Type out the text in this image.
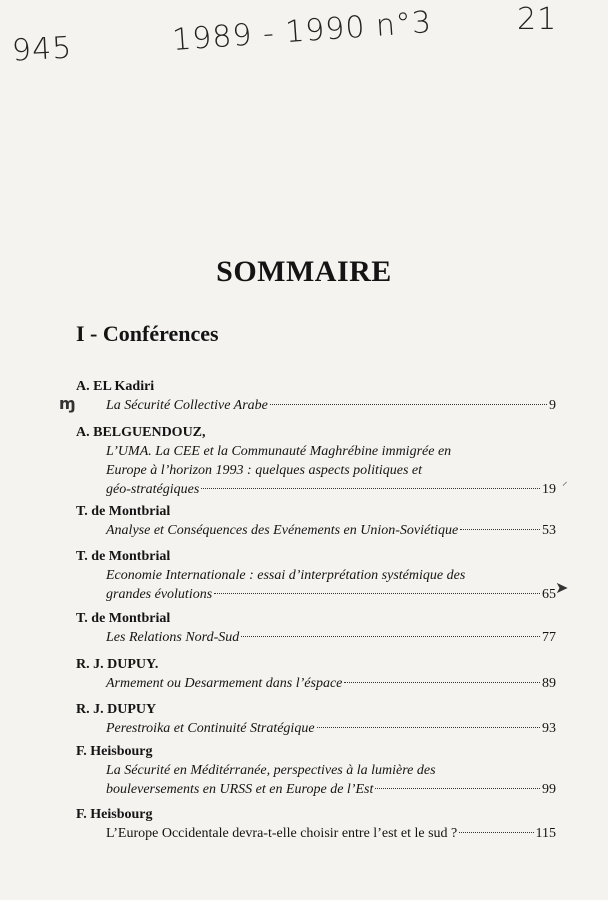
945	1989 - 1990 n°3	21
SOMMAIRE
I - Conférences
A. EL Kadiri
La Sécurité Collective Arabe	9
A. BELGUENDOUZ,
L’UMA. La CEE et la Communauté Maghrébine immigrée en
Europe à l’horizon 1993 : quelques aspects politiques et
géo-stratégiques	19
T. de Montbrial
Analyse et Conséquences des Evénements en Union-Soviétique	53
T. de Montbrial
Economie Internationale : essai d’interprétation systémique des
grandes évolutions	65
T. de Montbrial
Les Relations Nord-Sud	77
R. J. DUPUY.
Armement ou Desarmement dans l’éspace	89
R. J. DUPUY
Perestroika et Continuité Stratégique	93
F. Heisbourg
La Sécurité en Méditérranée, perspectives à la lumière des
bouleversements en URSS et en Europe de l’Est	99
F. Heisbourg
L’Europe Occidentale devra-t-elle choisir entre l’est et le sud ?	115
ɱ
⸝
➤
